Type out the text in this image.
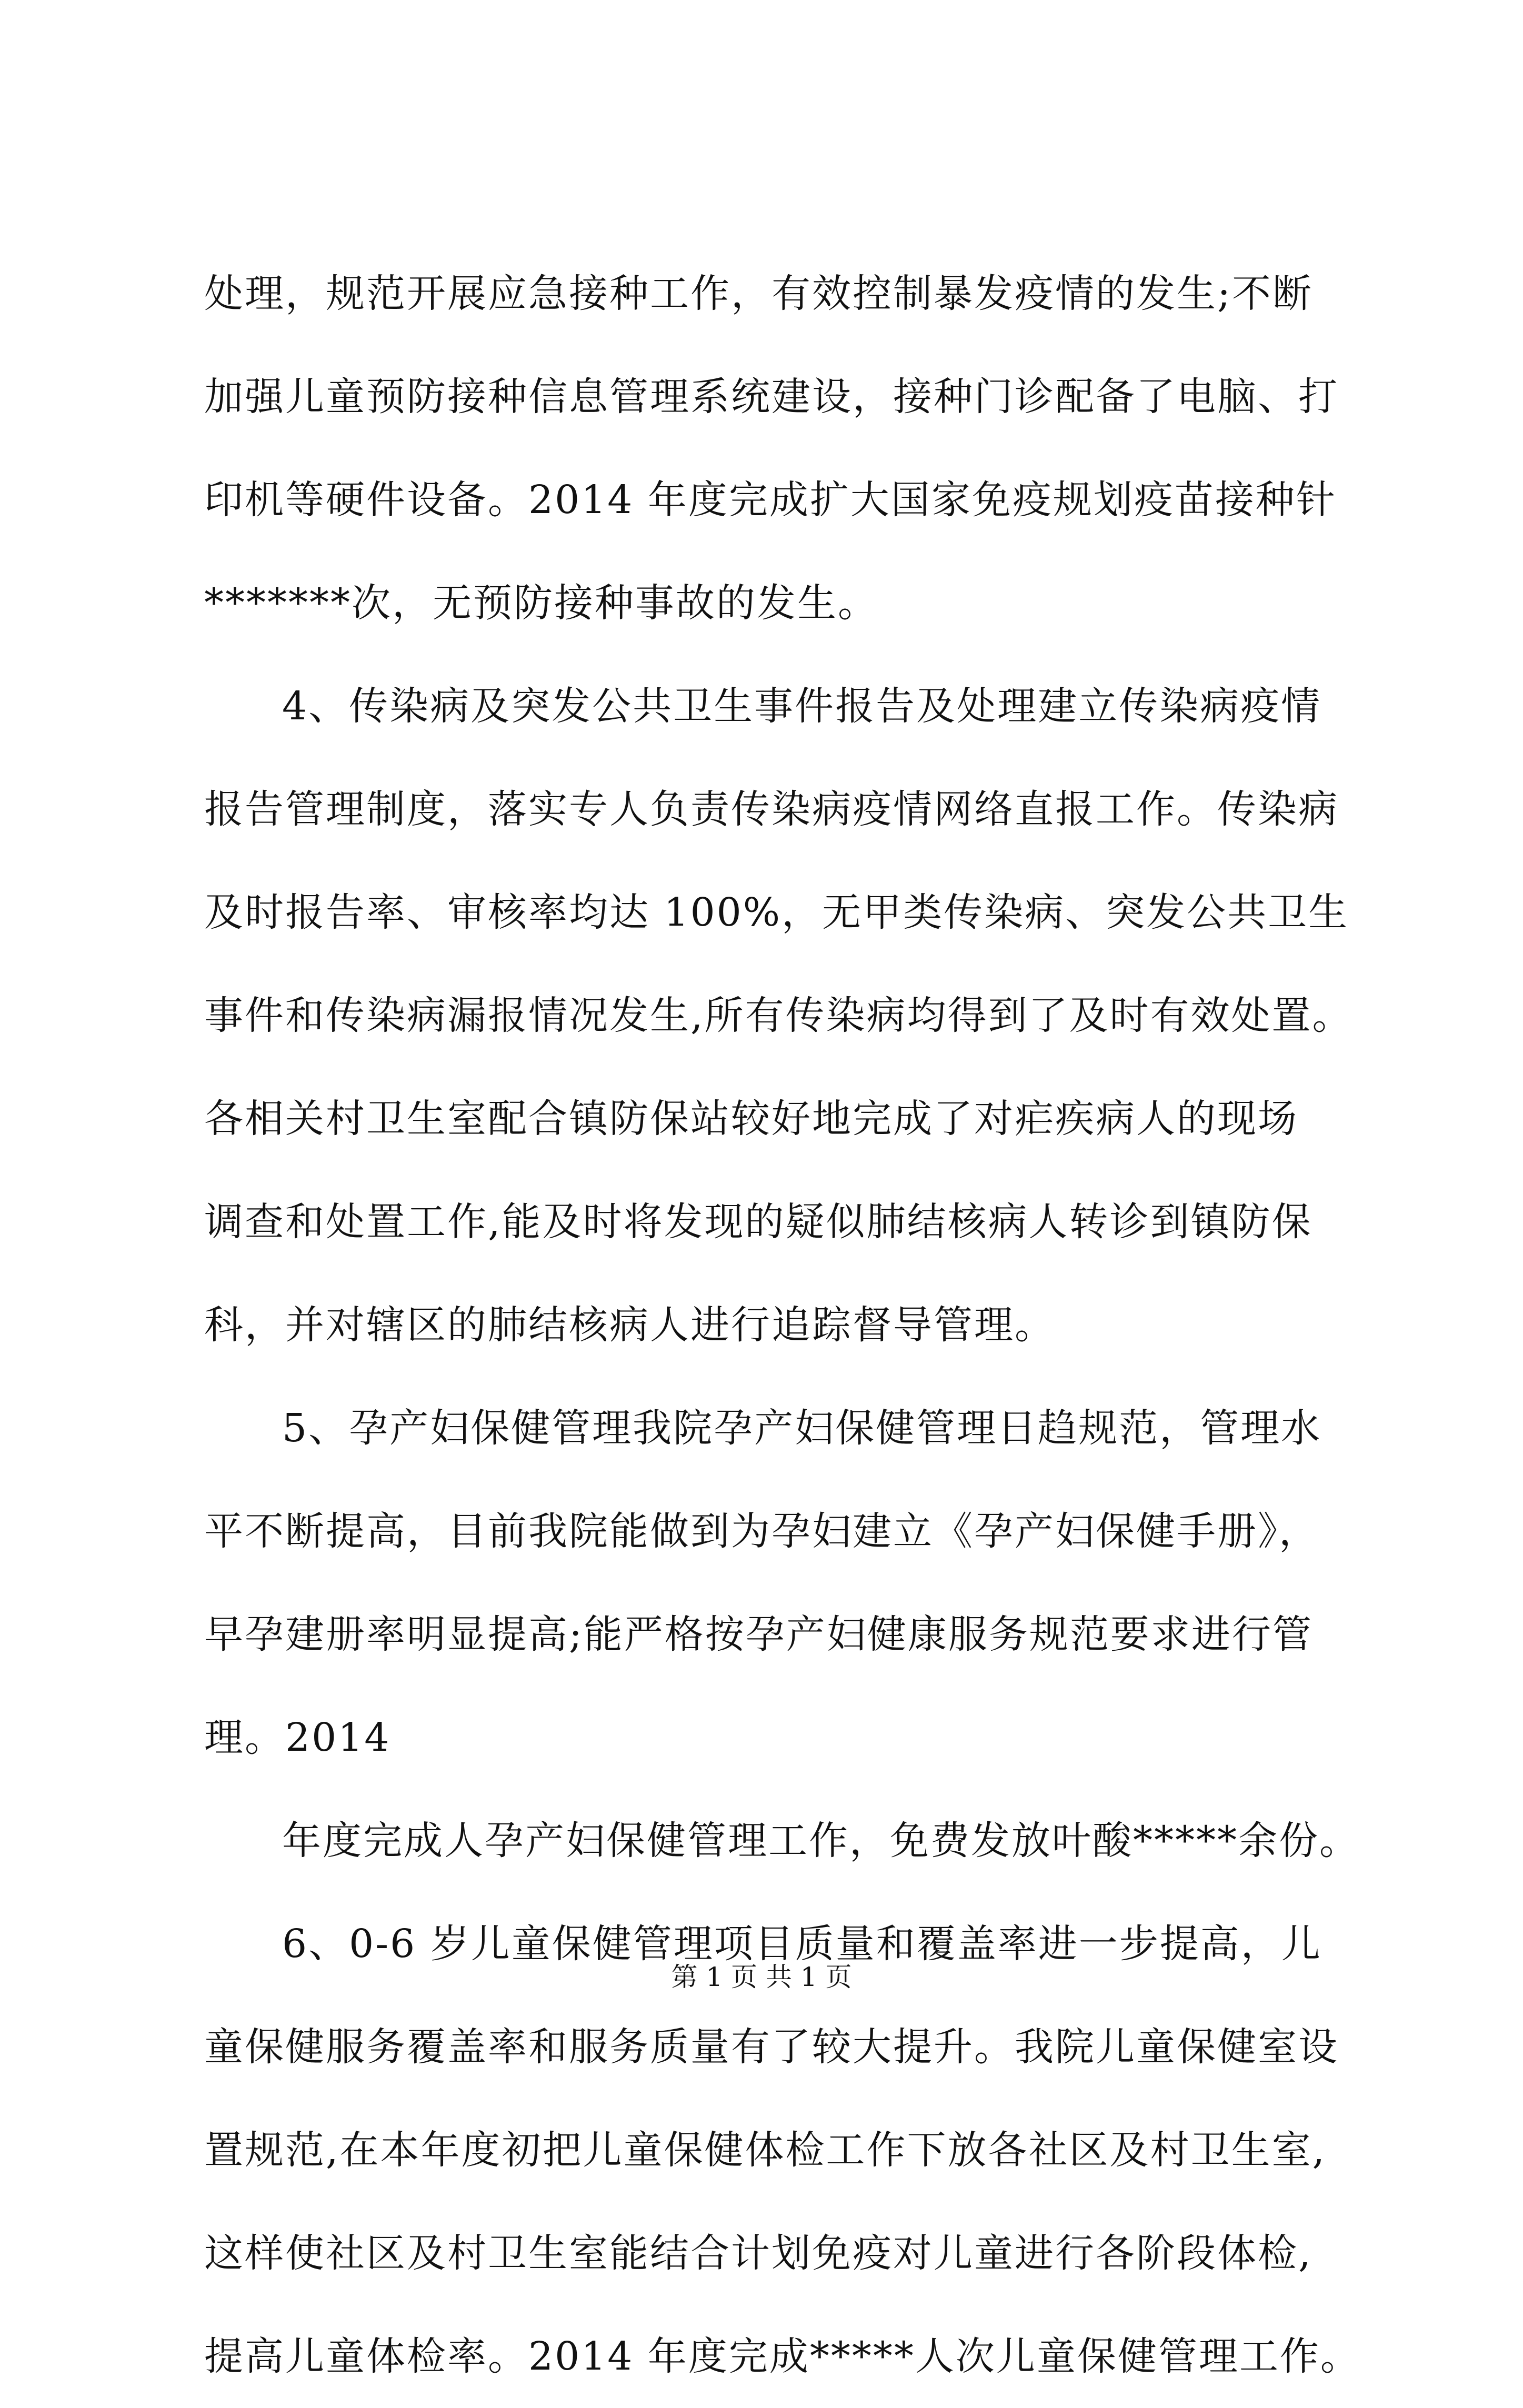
处理，规范开展应急接种工作，有效控制暴发疫情的发生;不断
加强儿童预防接种信息管理系统建设，接种门诊配备了电脑、打
印机等硬件设备。2014 年度完成扩大国家免疫规划疫苗接种针
*******次，无预防接种事故的发生。
4、传染病及突发公共卫生事件报告及处理建立传染病疫情
报告管理制度，落实专人负责传染病疫情网络直报工作。传染病
及时报告率、审核率均达 100%，无甲类传染病、突发公共卫生
事件和传染病漏报情况发生,所有传染病均得到了及时有效处置。
各相关村卫生室配合镇防保站较好地完成了对疟疾病人的现场
调查和处置工作,能及时将发现的疑似肺结核病人转诊到镇防保
科，并对辖区的肺结核病人进行追踪督导管理。
5、孕产妇保健管理我院孕产妇保健管理日趋规范，管理水
平不断提高，目前我院能做到为孕妇建立《孕产妇保健手册》，
早孕建册率明显提高;能严格按孕产妇健康服务规范要求进行管
理。2014
年度完成人孕产妇保健管理工作，免费发放叶酸*****余份。
6、0-6 岁儿童保健管理项目质量和覆盖率进一步提高，儿
童保健服务覆盖率和服务质量有了较大提升。我院儿童保健室设
置规范,在本年度初把儿童保健体检工作下放各社区及村卫生室,
这样使社区及村卫生室能结合计划免疫对儿童进行各阶段体检,
提高儿童体检率。2014 年度完成*****人次儿童保健管理工作。
第 1 页 共 1 页
